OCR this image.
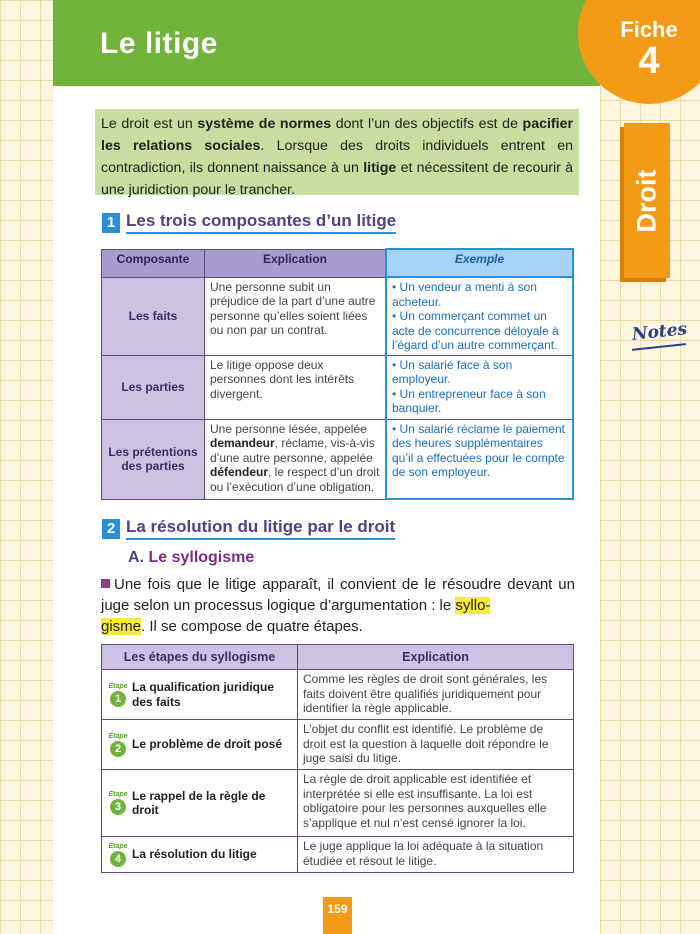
Le litige	Fiche
4
Droit
Notes
Le droit est un système de normes dont l’un des objectifs est de pacifier les relations sociales. Lorsque des droits individuels entrent en contradiction, ils donnent naissance à un litige et nécessitent de recourir à une juridiction pour le trancher.
1 Les trois composantes d’un litige
Composante	Explication	Exemple
Les faits	Une personne subit un préjudice de la part d’une autre personne qu’elles soient liées ou non par un contrat.	• Un vendeur a menti à son acheteur.
• Un commerçant commet un acte de concurrence déloyale à l’égard d’un autre commerçant.
Les parties	Le litige oppose deux personnes dont les intérêts divergent.	• Un salarié face à son employeur.
• Un entrepreneur face à son banquier.
Les prétentions des parties	Une personne lésée, appelée demandeur, réclame, vis-à-vis d’une autre personne, appelée défendeur, le respect d’un droit ou l’exécution d’une obligation.	• Un salarié réclame le paiement des heures supplémentaires qu’il a effectuées pour le compte de son employeur.
2 La résolution du litige par le droit
A. Le syllogisme
Une fois que le litige apparaît, il convient de le résoudre devant un juge selon un processus logique d’argumentation : le syllo-
gisme. Il se compose de quatre étapes.
Les étapes du syllogisme	Explication

Étape
1
La qualification juridique des faits	Comme les règles de droit sont générales, les faits doivent être qualifiés juridiquement pour identifier la règle applicable.

Étape
2 Le problème de droit posé	L’objet du conflit est identifié. Le problème de droit est la question à laquelle doit répondre le juge saisi du litige.

Étape
3
Le rappel de la règle de droit	La règle de droit applicable est identifiée et interprétée si elle est insuffisante. La loi est obligatoire pour les personnes auxquelles elle s’applique et nul n’est censé ignorer la loi.

Étape
4 La résolution du litige	Le juge applique la loi adéquate à la situation étudiée et résout le litige.
159
